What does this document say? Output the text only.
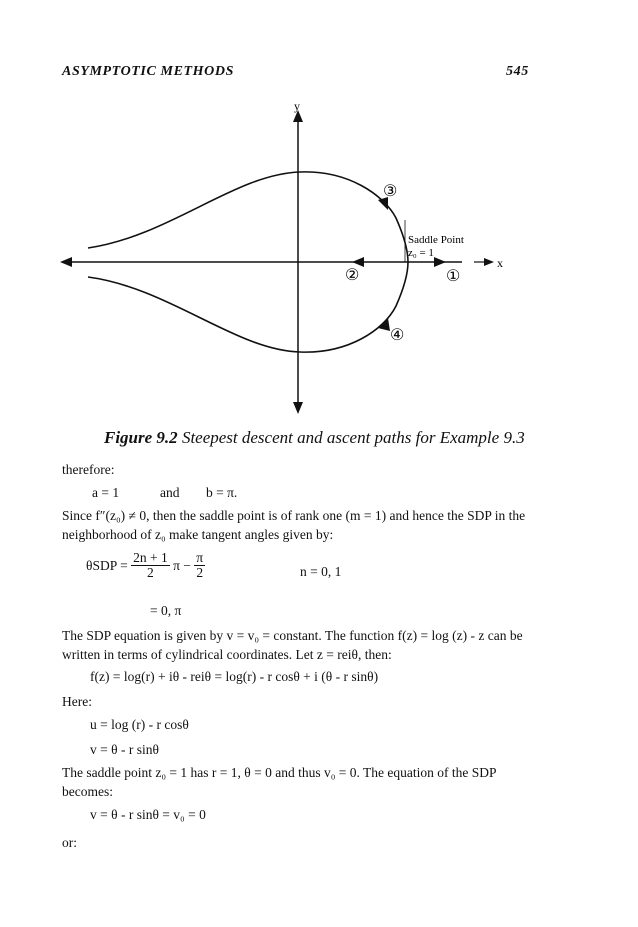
ASYMPTOTIC METHODS	545
y
x
③
②	①
④
Saddle Point
z₀ = 1
Figure 9.2 Steepest descent and ascent paths for Example 9.3
therefore:
a = 1	and b = π.
Since f″(z₀) ≠ 0, then the saddle point is of rank one (m = 1) and hence the SDP in the
neighborhood of z₀ make tangent angles given by:
$\theta SDP = \frac{2n + 1}{2}$ $\pi - \frac{\pi}{2}$	n = 0, 1
= 0, π
The SDP equation is given by v = v₀ = constant. The function f(z) = log (z) - z can be
written in terms of cylindrical coordinates. Let z = reiθ, then:
f(z) = log(r) + iθ - reiθ = log(r) - r cosθ + i (θ - r sinθ)
Here:
u = log (r) - r cosθ
v = θ - r sinθ
The saddle point z₀ = 1 has r = 1, θ = 0 and thus v₀ = 0. The equation of the SDP
becomes:
v = θ - r sinθ = v₀ = 0
or:
